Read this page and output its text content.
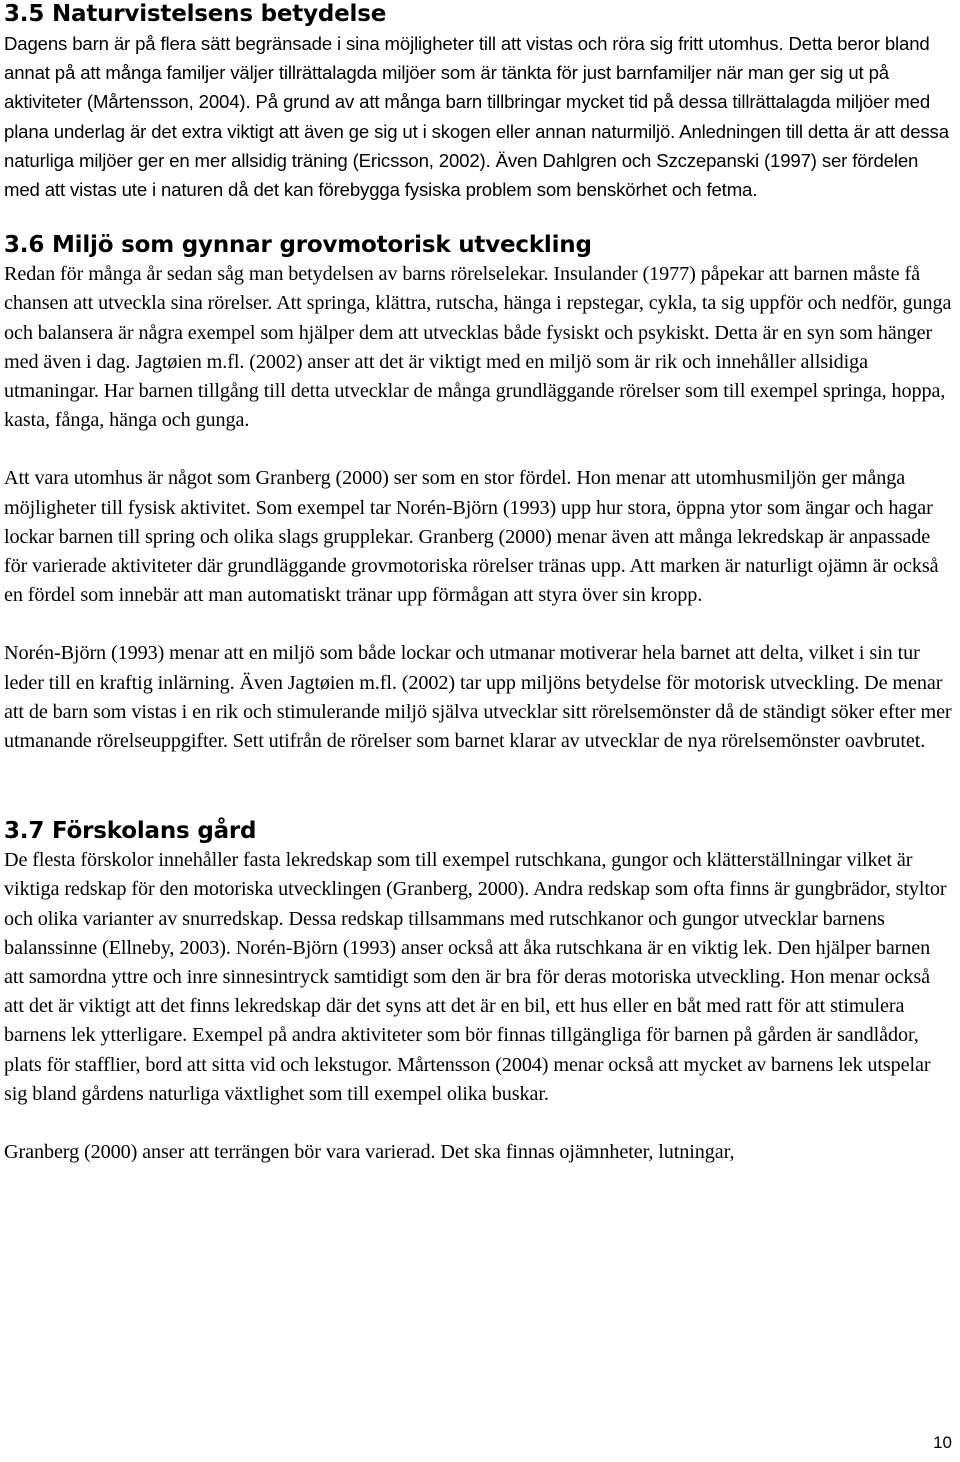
3.5 Naturvistelsens betydelse

Dagens barn är på flera sätt begränsade i sina möjligheter till att vistas och röra sig fritt utomhus. Detta beror bland annat på att många familjer väljer tillrättalagda miljöer som är tänkta för just barnfamiljer när man ger sig ut på aktiviteter (Mårtensson, 2004). På grund av att många barn tillbringar mycket tid på dessa tillrättalagda miljöer med plana underlag är det extra viktigt att även ge sig ut i skogen eller annan naturmiljö. Anledningen till detta är att dessa naturliga miljöer ger en mer allsidig träning (Ericsson, 2002). Även Dahlgren och Szczepanski (1997) ser fördelen med att vistas ute i naturen då det kan förebygga fysiska problem som benskörhet och fetma.

3.6 Miljö som gynnar grovmotorisk utveckling

Redan för många år sedan såg man betydelsen av barns rörelselekar. Insulander (1977) påpekar att barnen måste få chansen att utveckla sina rörelser. Att springa, klättra, rutscha, hänga i repstegar, cykla, ta sig uppför och nedför, gunga och balansera är några exempel som hjälper dem att utvecklas både fysiskt och psykiskt. Detta är en syn som hänger med även i dag. Jagtøien m.fl. (2002) anser att det är viktigt med en miljö som är rik och innehåller allsidiga utmaningar. Har barnen tillgång till detta utvecklar de många grundläggande rörelser som till exempel springa, hoppa, kasta, fånga, hänga och gunga.

Att vara utomhus är något som Granberg (2000) ser som en stor fördel. Hon menar att utomhusmiljön ger många möjligheter till fysisk aktivitet. Som exempel tar Norén-Björn (1993) upp hur stora, öppna ytor som ängar och hagar lockar barnen till spring och olika slags grupplekar. Granberg (2000) menar även att många lekredskap är anpassade för varierade aktiviteter där grundläggande grovmotoriska rörelser tränas upp. Att marken är naturligt ojämn är också en fördel som innebär att man automatiskt tränar upp förmågan att styra över sin kropp.

Norén-Björn (1993) menar att en miljö som både lockar och utmanar motiverar hela barnet att delta, vilket i sin tur leder till en kraftig inlärning. Även Jagtøien m.fl. (2002) tar upp miljöns betydelse för motorisk utveckling. De menar att de barn som vistas i en rik och stimulerande miljö själva utvecklar sitt rörelsemönster då de ständigt söker efter mer utmanande rörelseuppgifter. Sett utifrån de rörelser som barnet klarar av utvecklar de nya rörelsemönster oavbrutet.

3.7 Förskolans gård

De flesta förskolor innehåller fasta lekredskap som till exempel rutschkana, gungor och klätterställningar vilket är viktiga redskap för den motoriska utvecklingen (Granberg, 2000). Andra redskap som ofta finns är gungbrädor, styltor och olika varianter av snurredskap. Dessa redskap tillsammans med rutschkanor och gungor utvecklar barnens balanssinne (Ellneby, 2003). Norén-Björn (1993) anser också att åka rutschkana är en viktig lek. Den hjälper barnen att samordna yttre och inre sinnesintryck samtidigt som den är bra för deras motoriska utveckling. Hon menar också att det är viktigt att det finns lekredskap där det syns att det är en bil, ett hus eller en båt med ratt för att stimulera barnens lek ytterligare. Exempel på andra aktiviteter som bör finnas tillgängliga för barnen på gården är sandlådor, plats för stafflier, bord att sitta vid och lekstugor. Mårtensson (2004) menar också att mycket av barnens lek utspelar sig bland gårdens naturliga växtlighet som till exempel olika buskar.

Granberg (2000) anser att terrängen bör vara varierad. Det ska finnas ojämnheter, lutningar,

10
